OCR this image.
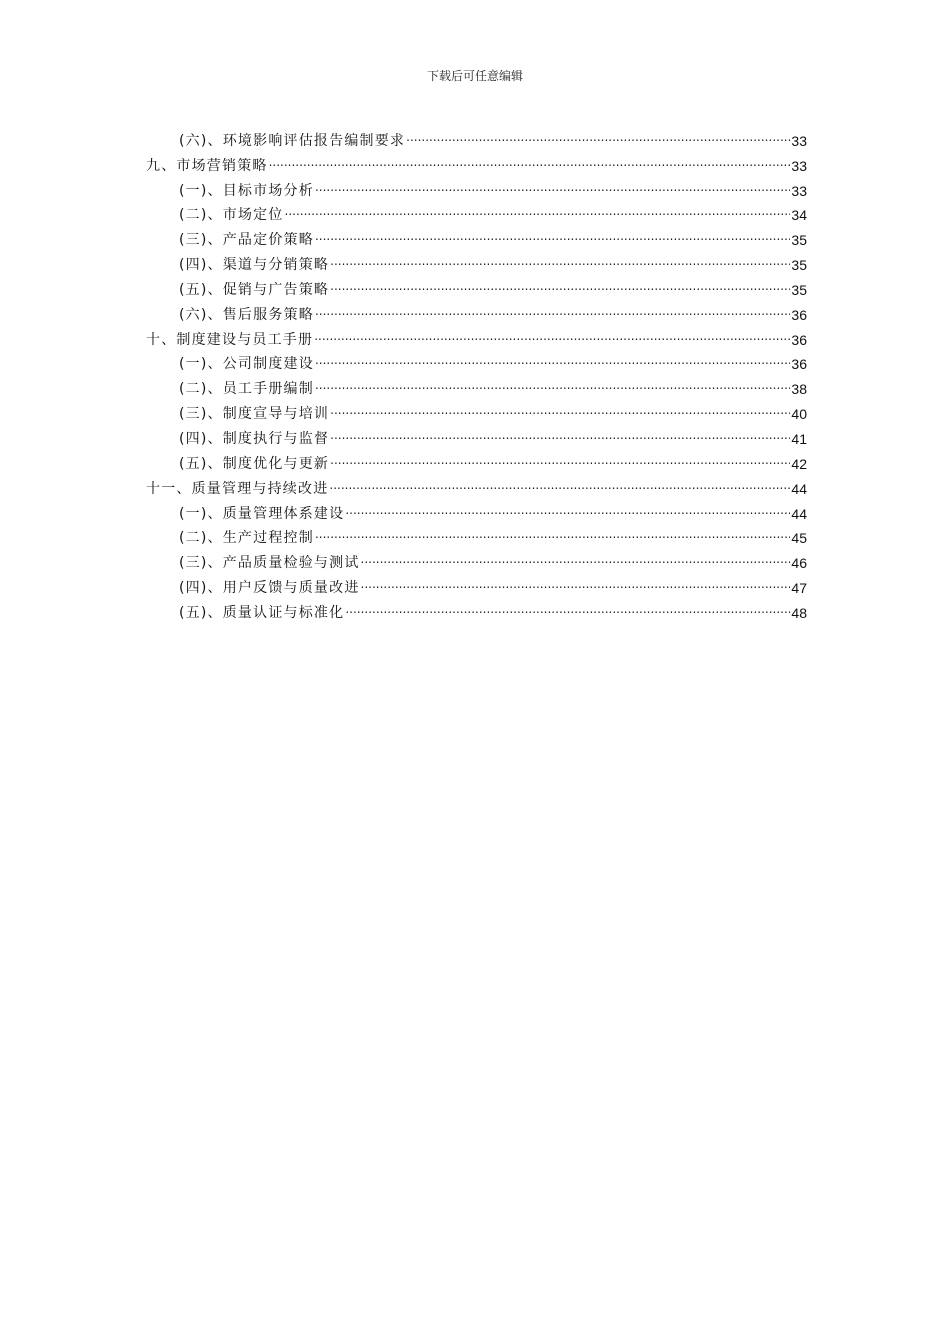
下载后可任意编辑
(六)、环境影响评估报告编制要求 .....	33
九、市场营销策略 .....	33
(一)、目标市场分析 .....	33
(二)、市场定位 .....	34
(三)、产品定价策略 .....	35
(四)、渠道与分销策略 .....	35
(五)、促销与广告策略 .....	35
(六)、售后服务策略 .....	36
十、制度建设与员工手册 .....	36
(一)、公司制度建设 .....	36
(二)、员工手册编制 .....	38
(三)、制度宣导与培训 .....	40
(四)、制度执行与监督 .....	41
(五)、制度优化与更新 .....	42
十一、质量管理与持续改进 .....	44
(一)、质量管理体系建设 .....	44
(二)、生产过程控制 .....	45
(三)、产品质量检验与测试 .....	46
(四)、用户反馈与质量改进 .....	47
(五)、质量认证与标准化 .....	48
